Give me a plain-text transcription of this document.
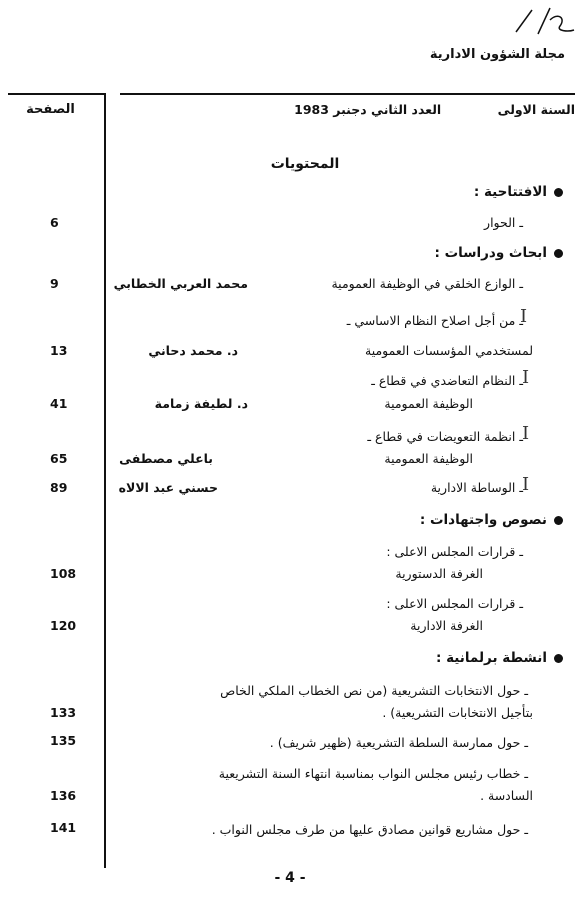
مجلة الشؤون الادارية
الصفحة	السنة الاولى العدد الثاني دجنبر 1983
المحتويات
الافتتاحية :
ـ الحوار
6
ابحاث ودراسات :
ـ الوازع الخلقي في الوظيفة العمومية
محمد العربي الخطابي
9
I
ـ من أجل اصلاح النظام الاساسي ـ
لمستخدمي المؤسسات العمومية
د. محمد دحاني
13
I
ـ النظام التعاضدي في قطاع ـ
الوظيفة العمومية
د. لطيفة زمامة
41
I
ـ انظمة التعويضات في قطاع ـ
الوظيفة العمومية
باعلي مصطفى
65
I
ـ الوساطة الادارية
حسني عبد الالاه
89
نصوص واجتهادات :
ـ قرارات المجلس الاعلى :
الغرفة الدستورية
108
ـ قرارات المجلس الاعلى :
الغرفة الادارية
120
انشطة برلمانية :
ـ حول الانتخابات التشريعية (من نص الخطاب الملكي الخاص
بتأجيل الانتخابات التشريعية) .
133
ـ حول ممارسة السلطة التشريعية (ظهير شريف) .
135
ـ خطاب رئيس مجلس النواب بمناسبة انتهاء السنة التشريعية
السادسة .
136
ـ حول مشاريع قوانين مصادق عليها من طرف مجلس النواب .
141
- 4 -
